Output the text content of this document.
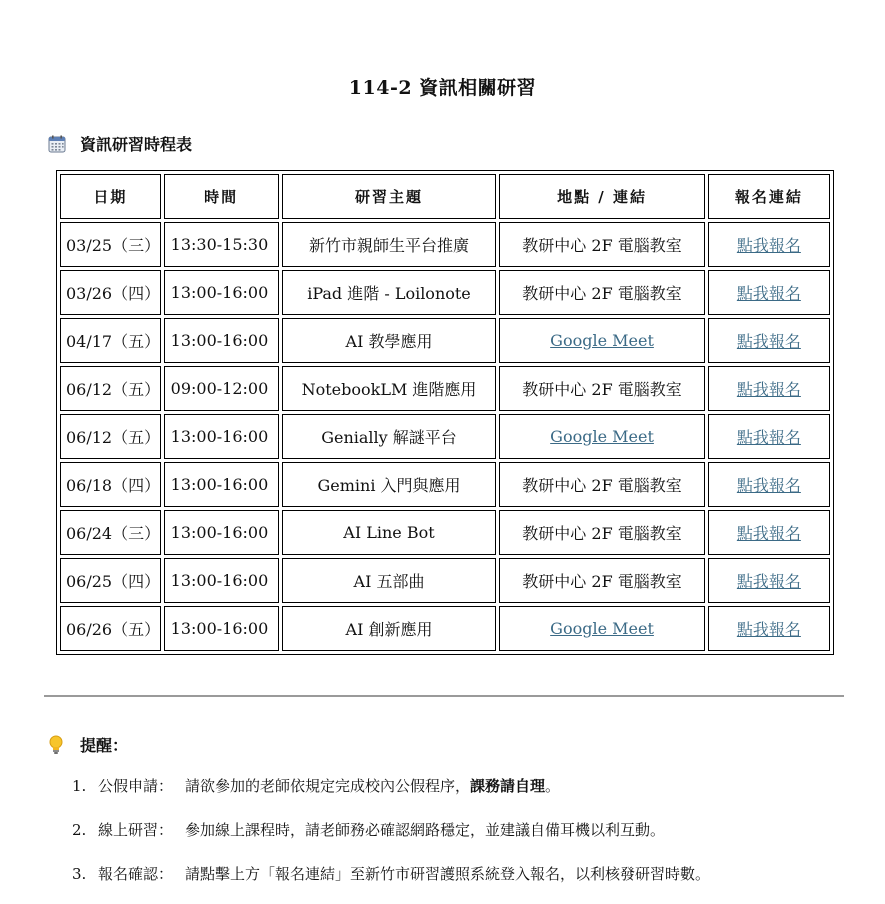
114-2 資訊相關研習
資訊研習時程表
日期	時間	研習主題	地點 / 連結	報名連結
03/25（三）	13:30-15:30	新竹市親師生平台推廣	教研中心 2F 電腦教室	點我報名
03/26（四）	13:00-16:00	iPad 進階 - Loilonote	教研中心 2F 電腦教室	點我報名
04/17（五）	13:00-16:00	AI 教學應用	Google Meet	點我報名
06/12（五）	09:00-12:00	NotebookLM 進階應用	教研中心 2F 電腦教室	點我報名
06/12（五）	13:00-16:00	Genially 解謎平台	Google Meet	點我報名
06/18（四）	13:00-16:00	Gemini 入門與應用	教研中心 2F 電腦教室	點我報名
06/24（三）	13:00-16:00	AI Line Bot	教研中心 2F 電腦教室	點我報名
06/25（四）	13:00-16:00	AI 五部曲	教研中心 2F 電腦教室	點我報名
06/26（五）	13:00-16:00	AI 創新應用	Google Meet	點我報名
提醒：
1. 公假申請： 請欲參加的老師依規定完成校內公假程序，課務請自理。
2. 線上研習： 參加線上課程時，請老師務必確認網路穩定，並建議自備耳機以利互動。
3. 報名確認： 請點擊上方「報名連結」至新竹市研習護照系統登入報名，以利核發研習時數。
